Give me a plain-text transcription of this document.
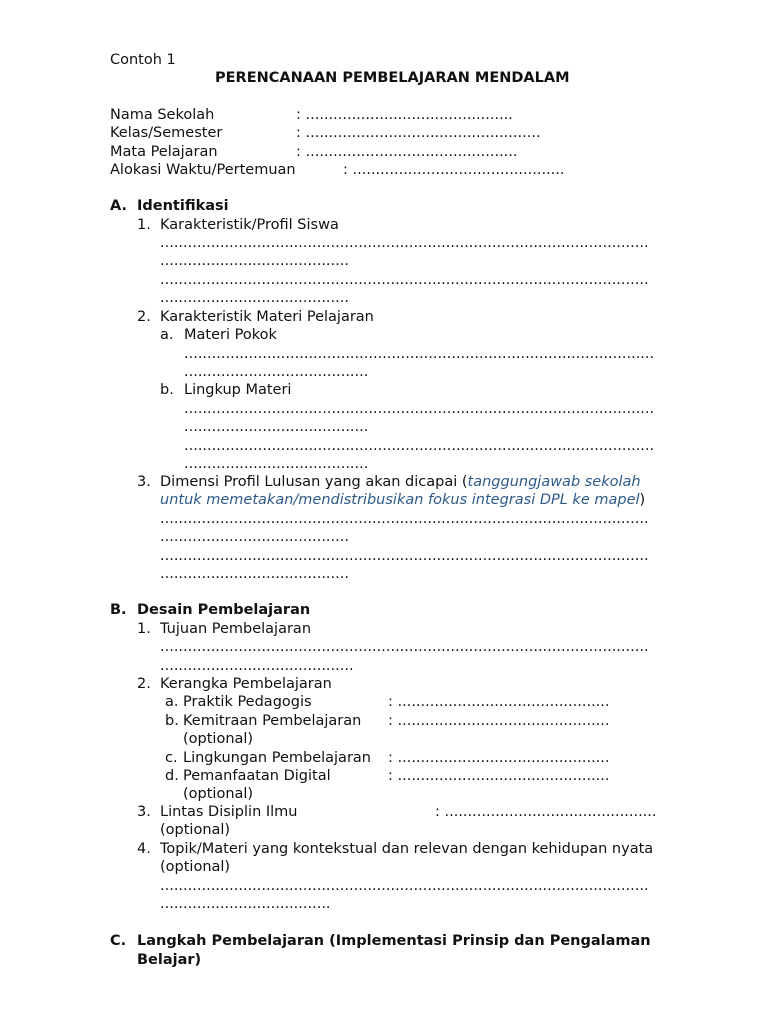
Contoh 1
PERENCANAAN PEMBELAJARAN MENDALAM
Nama Sekolah	: .............................................
Kelas/Semester	: ...................................................
Mata Pelajaran	: ..............................................
Alokasi Waktu/Pertemuan	: ..............................................
A. Identifikasi
1. Karakteristik/Profil Siswa
..........................................................................................................
.........................................
..........................................................................................................
.........................................
2. Karakteristik Materi Pelajaran
a. Materi Pokok
......................................................................................................
........................................
b. Lingkup Materi
......................................................................................................
........................................
......................................................................................................
........................................
3. Dimensi Profil Lulusan yang akan dicapai (tanggungjawab sekolah
untuk memetakan/mendistribusikan fokus integrasi DPL ke mapel)
..........................................................................................................
.........................................
..........................................................................................................
.........................................
B. Desain Pembelajaran
1. Tujuan Pembelajaran
..........................................................................................................
..........................................
2. Kerangka Pembelajaran
a. Praktik Pedagogis	: ..............................................
b. Kemitraan Pembelajaran : ..............................................
(optional)
c. Lingkungan Pembelajaran : ..............................................
d. Pemanfaatan Digital	: ..............................................
(optional)
3. Lintas Disiplin Ilmu	: ..............................................
(optional)
4. Topik/Materi yang kontekstual dan relevan dengan kehidupan nyata
(optional)
..........................................................................................................
.....................................
C. Langkah Pembelajaran (Implementasi Prinsip dan Pengalaman
Belajar)
